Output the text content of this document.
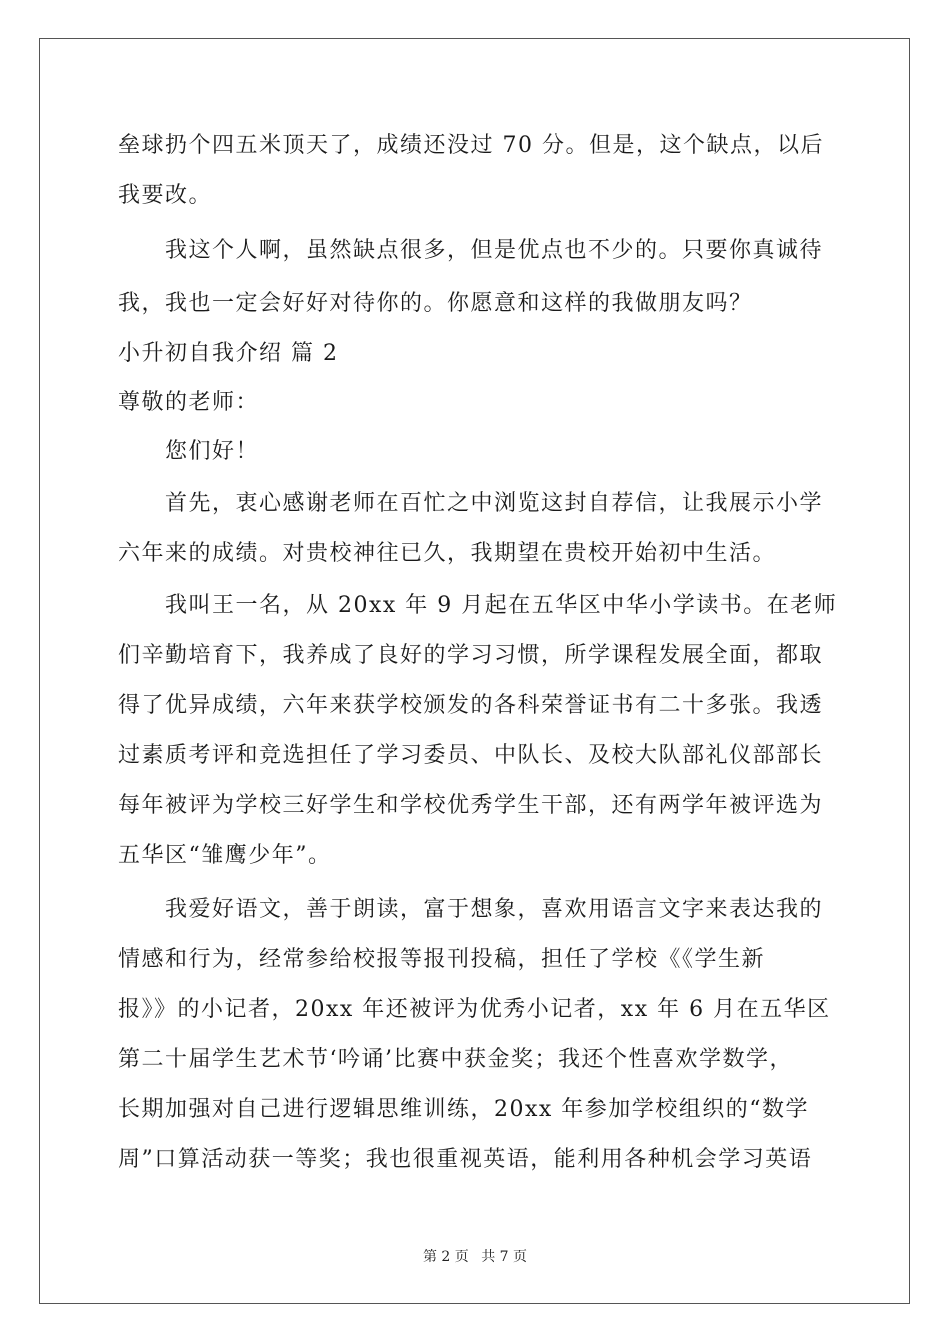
垒球扔个四五米顶天了，成绩还没过 70 分。但是，这个缺点，以后
我要改。
　　我这个人啊，虽然缺点很多，但是优点也不少的。只要你真诚待
我，我也一定会好好对待你的。你愿意和这样的我做朋友吗？
小升初自我介绍 篇 2
尊敬的老师：
　　您们好！
　　首先，衷心感谢老师在百忙之中浏览这封自荐信，让我展示小学
六年来的成绩。对贵校神往已久，我期望在贵校开始初中生活。
　　我叫王一名，从 20xx 年 9 月起在五华区中华小学读书。在老师
们辛勤培育下，我养成了良好的学习习惯，所学课程发展全面，都取
得了优异成绩，六年来获学校颁发的各科荣誉证书有二十多张。我透
过素质考评和竞选担任了学习委员、中队长、及校大队部礼仪部部长
每年被评为学校三好学生和学校优秀学生干部，还有两学年被评选为
五华区“雏鹰少年”。
　　我爱好语文，善于朗读，富于想象，喜欢用语言文字来表达我的
情感和行为，经常参给校报等报刊投稿，担任了学校《《学生新
报》》的小记者，20xx 年还被评为优秀小记者，xx 年 6 月在五华区
第二十届学生艺术节‘吟诵’比赛中获金奖；我还个性喜欢学数学，
长期加强对自己进行逻辑思维训练，20xx 年参加学校组织的“数学
周”口算活动获一等奖；我也很重视英语，能利用各种机会学习英语
第 2 页 共 7 页
